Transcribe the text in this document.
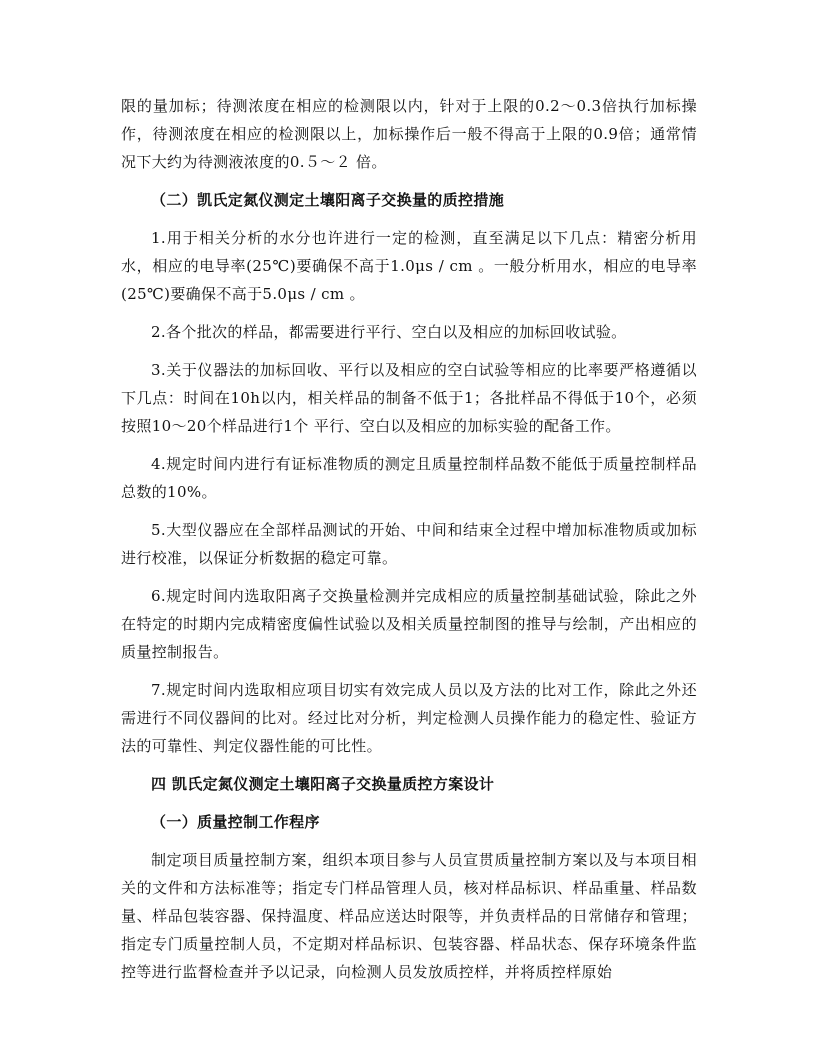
限的量加标；待测浓度在相应的检测限以内，针对于上限的0.2～0.3倍执行加标操作，待测浓度在相应的检测限以上，加标操作后一般不得高于上限的0.9倍；通常情况下大约为待测液浓度的0.５～２ 倍。

（二）凯氏定氮仪测定土壤阳离子交换量的质控措施

1.用于相关分析的水分也许进行一定的检测，直至满足以下几点：精密分析用水，相应的电导率(25℃)要确保不高于1.0μs / cm 。一般分析用水，相应的电导率(25℃)要确保不高于5.0μs / cm 。

2.各个批次的样品，都需要进行平行、空白以及相应的加标回收试验。

3.关于仪器法的加标回收、平行以及相应的空白试验等相应的比率要严格遵循以下几点：时间在10h以内，相关样品的制备不低于1；各批样品不得低于10个，必须按照10～20个样品进行1个 平行、空白以及相应的加标实验的配备工作。

4.规定时间内进行有证标准物质的测定且质量控制样品数不能低于质量控制样品总数的10%。

5.大型仪器应在全部样品测试的开始、中间和结束全过程中增加标准物质或加标进行校准，以保证分析数据的稳定可靠。

6.规定时间内选取阳离子交换量检测并完成相应的质量控制基础试验，除此之外在特定的时期内完成精密度偏性试验以及相关质量控制图的推导与绘制，产出相应的质量控制报告。

7.规定时间内选取相应项目切实有效完成人员以及方法的比对工作，除此之外还需进行不同仪器间的比对。经过比对分析，判定检测人员操作能力的稳定性、验证方法的可靠性、判定仪器性能的可比性。

四 凯氏定氮仪测定土壤阳离子交换量质控方案设计

（一）质量控制工作程序

制定项目质量控制方案，组织本项目参与人员宣贯质量控制方案以及与本项目相关的文件和方法标准等；指定专门样品管理人员，核对样品标识、样品重量、样品数量、样品包装容器、保持温度、样品应送达时限等，并负责样品的日常储存和管理；指定专门质量控制人员，不定期对样品标识、包装容器、样品状态、保存环境条件监控等进行监督检查并予以记录，向检测人员发放质控样，并将质控样原始
